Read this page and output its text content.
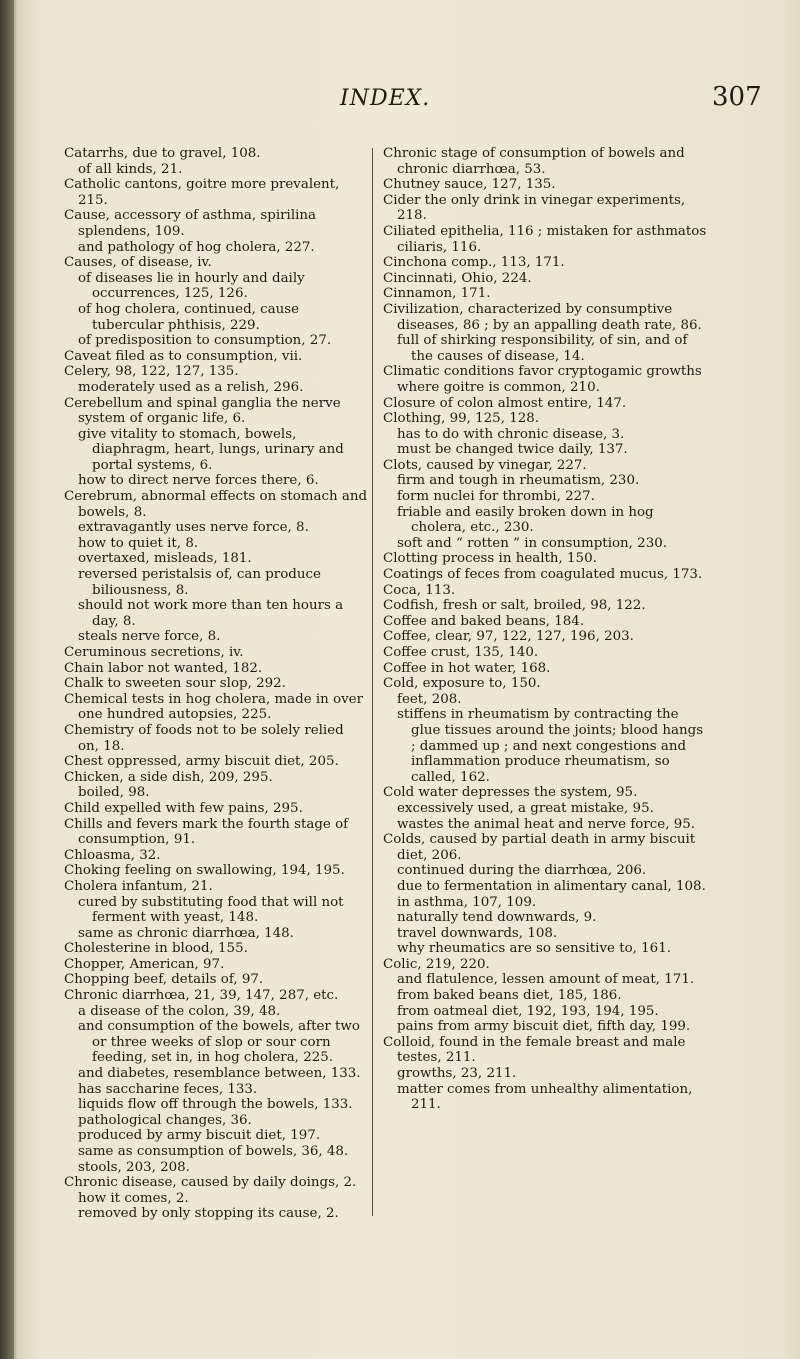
INDEX.	307

Catarrhs, due to gravel, 108.

of all kinds, 21.

Catholic cantons, goitre more prevalent, 215.

Cause, accessory of asthma, spirilina splendens, 109.

and pathology of hog cholera, 227.

Causes, of disease, iv.

of diseases lie in hourly and daily occurrences, 125, 126.

of hog cholera, continued, cause tubercular phthisis, 229.

of predisposition to consumption, 27.

Caveat filed as to consumption, vii.

Celery, 98, 122, 127, 135.

moderately used as a relish, 296.

Cerebellum and spinal ganglia the nerve system of organic life, 6.

give vitality to stomach, bowels, diaphragm, heart, lungs, urinary and portal systems, 6.

how to direct nerve forces there, 6.

Cerebrum, abnormal effects on stomach and bowels, 8.

extravagantly uses nerve force, 8.

how to quiet it, 8.

overtaxed, misleads, 181.

reversed peristalsis of, can produce biliousness, 8.

should not work more than ten hours a day, 8.

steals nerve force, 8.

Ceruminous secretions, iv.

Chain labor not wanted, 182.

Chalk to sweeten sour slop, 292.

Chemical tests in hog cholera, made in over one hundred autopsies, 225.

Chemistry of foods not to be solely relied on, 18.

Chest oppressed, army biscuit diet, 205.

Chicken, a side dish, 209, 295.

boiled, 98.

Child expelled with few pains, 295.

Chills and fevers mark the fourth stage of consumption, 91.

Chloasma, 32.

Choking feeling on swallowing, 194, 195.

Cholera infantum, 21.

cured by substituting food that will not ferment with yeast, 148.

same as chronic diarrhœa, 148.

Cholesterine in blood, 155.

Chopper, American, 97.

Chopping beef, details of, 97.

Chronic diarrhœa, 21, 39, 147, 287, etc.

a disease of the colon, 39, 48.

and consumption of the bowels, after two or three weeks of slop or sour corn feeding, set in, in hog cholera, 225.

and diabetes, resemblance between, 133.

has saccharine feces, 133.

liquids flow off through the bowels, 133.

pathological changes, 36.

produced by army biscuit diet, 197.

same as consumption of bowels, 36, 48.

stools, 203, 208.

Chronic disease, caused by daily doings, 2.

how it comes, 2.

removed by only stopping its cause, 2.

Chronic stage of consumption of bowels and chronic diarrhœa, 53.

Chutney sauce, 127, 135.

Cider the only drink in vinegar experiments, 218.

Ciliated epithelia, 116 ; mistaken for asthmatos ciliaris, 116.

Cinchona comp., 113, 171.

Cincinnati, Ohio, 224.

Cinnamon, 171.

Civilization, characterized by consumptive diseases, 86 ; by an appalling death rate, 86.

full of shirking responsibility, of sin, and of the causes of disease, 14.

Climatic conditions favor cryptogamic growths where goitre is common, 210.

Closure of colon almost entire, 147.

Clothing, 99, 125, 128.

has to do with chronic disease, 3.

must be changed twice daily, 137.

Clots, caused by vinegar, 227.

firm and tough in rheumatism, 230.

form nuclei for thrombi, 227.

friable and easily broken down in hog cholera, etc., 230.

soft and “ rotten ” in consumption, 230.

Clotting process in health, 150.

Coatings of feces from coagulated mucus, 173.

Coca, 113.

Codfish, fresh or salt, broiled, 98, 122.

Coffee and baked beans, 184.

Coffee, clear, 97, 122, 127, 196, 203.

Coffee crust, 135, 140.

Coffee in hot water, 168.

Cold, exposure to, 150.

feet, 208.

stiffens in rheumatism by contracting the glue tissues around the joints; blood hangs ; dammed up ; and next congestions and inflammation produce rheumatism, so called, 162.

Cold water depresses the system, 95.

excessively used, a great mistake, 95.

wastes the animal heat and nerve force, 95.

Colds, caused by partial death in army biscuit diet, 206.

continued during the diarrhœa, 206.

due to fermentation in alimentary canal, 108.

in asthma, 107, 109.

naturally tend downwards, 9.

travel downwards, 108.

why rheumatics are so sensitive to, 161.

Colic, 219, 220.

and flatulence, lessen amount of meat, 171.

from baked beans diet, 185, 186.

from oatmeal diet, 192, 193, 194, 195.

pains from army biscuit diet, fifth day, 199.

Colloid, found in the female breast and male testes, 211.

growths, 23, 211.

matter comes from unhealthy alimentation, 211.
